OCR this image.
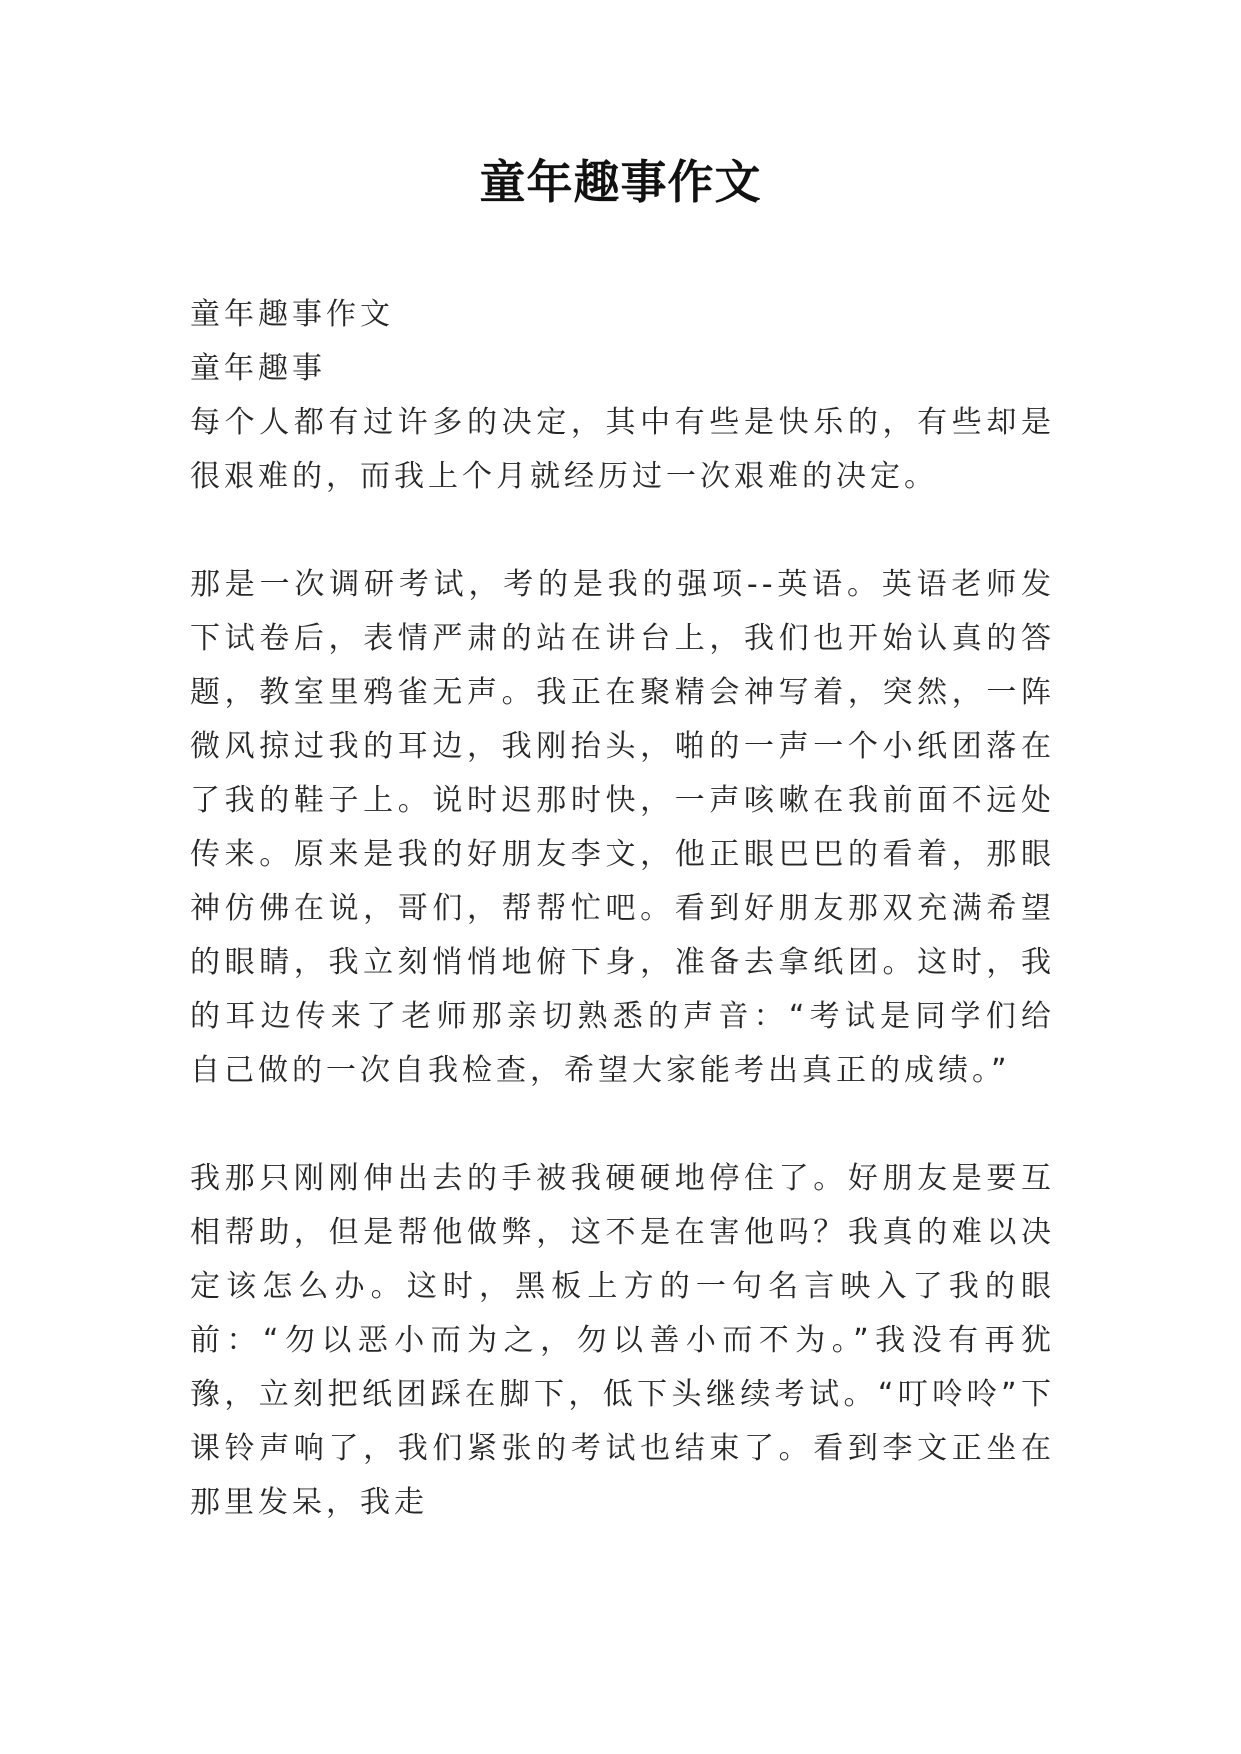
童年趣事作文

童年趣事作文

童年趣事

每个人都有过许多的决定，其中有些是快乐的，有些却是很艰难的，而我上个月就经历过一次艰难的决定。

那是一次调研考试，考的是我的强项--英语。英语老师发下试卷后，表情严肃的站在讲台上，我们也开始认真的答题，教室里鸦雀无声。我正在聚精会神写着，突然，一阵微风掠过我的耳边，我刚抬头，啪的一声一个小纸团落在了我的鞋子上。说时迟那时快，一声咳嗽在我前面不远处传来。原来是我的好朋友李文，他正眼巴巴的看着，那眼神仿佛在说，哥们，帮帮忙吧。看到好朋友那双充满希望的眼睛，我立刻悄悄地俯下身，准备去拿纸团。这时，我的耳边传来了老师那亲切熟悉的声音：“考试是同学们给自己做的一次自我检查，希望大家能考出真正的成绩。”

我那只刚刚伸出去的手被我硬硬地停住了。好朋友是要互相帮助，但是帮他做弊，这不是在害他吗？我真的难以决定该怎么办。这时，黑板上方的一句名言映入了我的眼前：“勿以恶小而为之，勿以善小而不为。”我没有再犹豫，立刻把纸团踩在脚下，低下头继续考试。“叮呤呤”下课铃声响了，我们紧张的考试也结束了。看到李文正坐在那里发呆，我走
